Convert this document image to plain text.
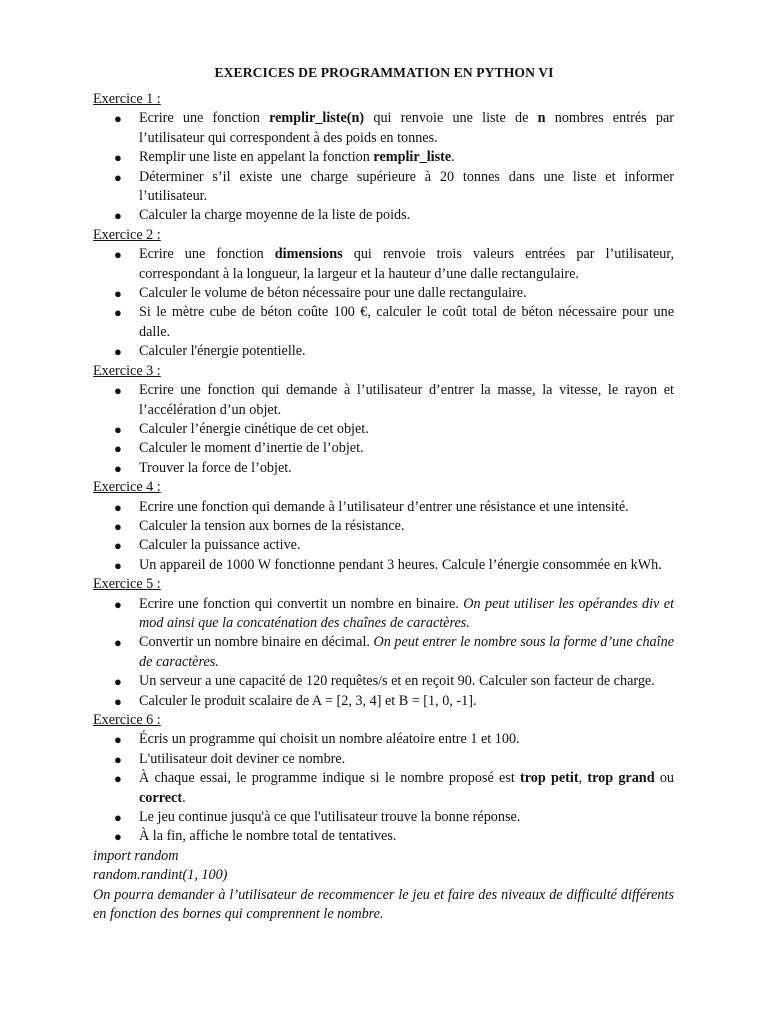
EXERCICES DE PROGRAMMATION EN PYTHON VI
Exercice 1 :
● Ecrire une fonction remplir_liste(n) qui renvoie une liste de n nombres entrés par l’utilisateur qui correspondent à des poids en tonnes.
● Remplir une liste en appelant la fonction remplir_liste.
● Déterminer s’il existe une charge supérieure à 20 tonnes dans une liste et informer l’utilisateur.
● Calculer la charge moyenne de la liste de poids.
Exercice 2 :
● Ecrire une fonction dimensions qui renvoie trois valeurs entrées par l’utilisateur, correspondant à la longueur, la largeur et la hauteur d’une dalle rectangulaire.
● Calculer le volume de béton nécessaire pour une dalle rectangulaire.
● Si le mètre cube de béton coûte 100 €, calculer le coût total de béton nécessaire pour une dalle.
● Calculer l'énergie potentielle.
Exercice 3 :
● Ecrire une fonction qui demande à l’utilisateur d’entrer la masse, la vitesse, le rayon et l’accélération d’un objet.
● Calculer l’énergie cinétique de cet objet.
● Calculer le moment d’inertie de l’objet.
● Trouver la force de l’objet.
Exercice 4 :
● Ecrire une fonction qui demande à l’utilisateur d’entrer une résistance et une intensité.
● Calculer la tension aux bornes de la résistance.
● Calculer la puissance active.
● Un appareil de 1000 W fonctionne pendant 3 heures. Calcule l’énergie consommée en kWh.
Exercice 5 :
● Ecrire une fonction qui convertit un nombre en binaire. On peut utiliser les opérandes div et mod ainsi que la concaténation des chaînes de caractères.
● Convertir un nombre binaire en décimal. On peut entrer le nombre sous la forme d’une chaîne de caractères.
● Un serveur a une capacité de 120 requêtes/s et en reçoit 90. Calculer son facteur de charge.
● Calculer le produit scalaire de A = [2, 3, 4] et B = [1, 0, -1].
Exercice 6 :
● Écris un programme qui choisit un nombre aléatoire entre 1 et 100.
● L'utilisateur doit deviner ce nombre.
● À chaque essai, le programme indique si le nombre proposé est trop petit, trop grand ou correct.
● Le jeu continue jusqu'à ce que l'utilisateur trouve la bonne réponse.
● À la fin, affiche le nombre total de tentatives.
import random
random.randint(1, 100)
On pourra demander à l’utilisateur de recommencer le jeu et faire des niveaux de difficulté différents en fonction des bornes qui comprennent le nombre.
